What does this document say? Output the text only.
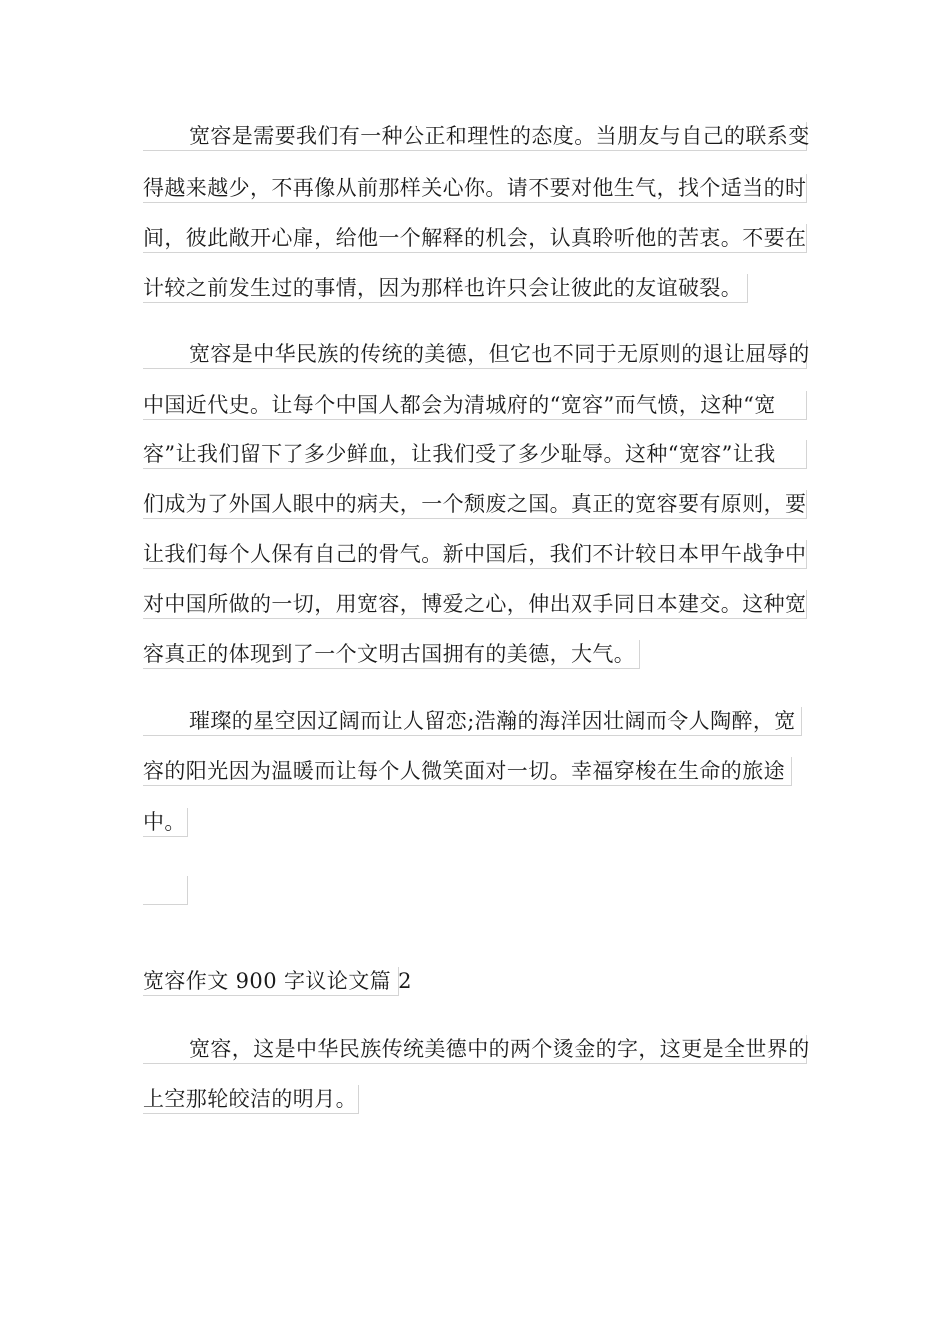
宽容是需要我们有一种公正和理性的态度。当朋友与自己的联系变
得越来越少，不再像从前那样关心你。请不要对他生气，找个适当的时
间，彼此敞开心扉，给他一个解释的机会，认真聆听他的苦衷。不要在
计较之前发生过的事情，因为那样也许只会让彼此的友谊破裂。
宽容是中华民族的传统的美德，但它也不同于无原则的退让屈辱的
中国近代史。让每个中国人都会为清城府的“宽容”而气愤，这种“宽
容”让我们留下了多少鲜血，让我们受了多少耻辱。这种“宽容”让我
们成为了外国人眼中的病夫，一个颓废之国。真正的宽容要有原则，要
让我们每个人保有自己的骨气。新中国后，我们不计较日本甲午战争中
对中国所做的一切，用宽容，博爱之心，伸出双手同日本建交。这种宽
容真正的体现到了一个文明古国拥有的美德，大气。
璀璨的星空因辽阔而让人留恋;浩瀚的海洋因壮阔而令人陶醉，宽
容的阳光因为温暖而让每个人微笑面对一切。幸福穿梭在生命的旅途
中。
宽容作文 900 字议论文篇 2
宽容，这是中华民族传统美德中的两个烫金的字，这更是全世界的
上空那轮皎洁的明月。
